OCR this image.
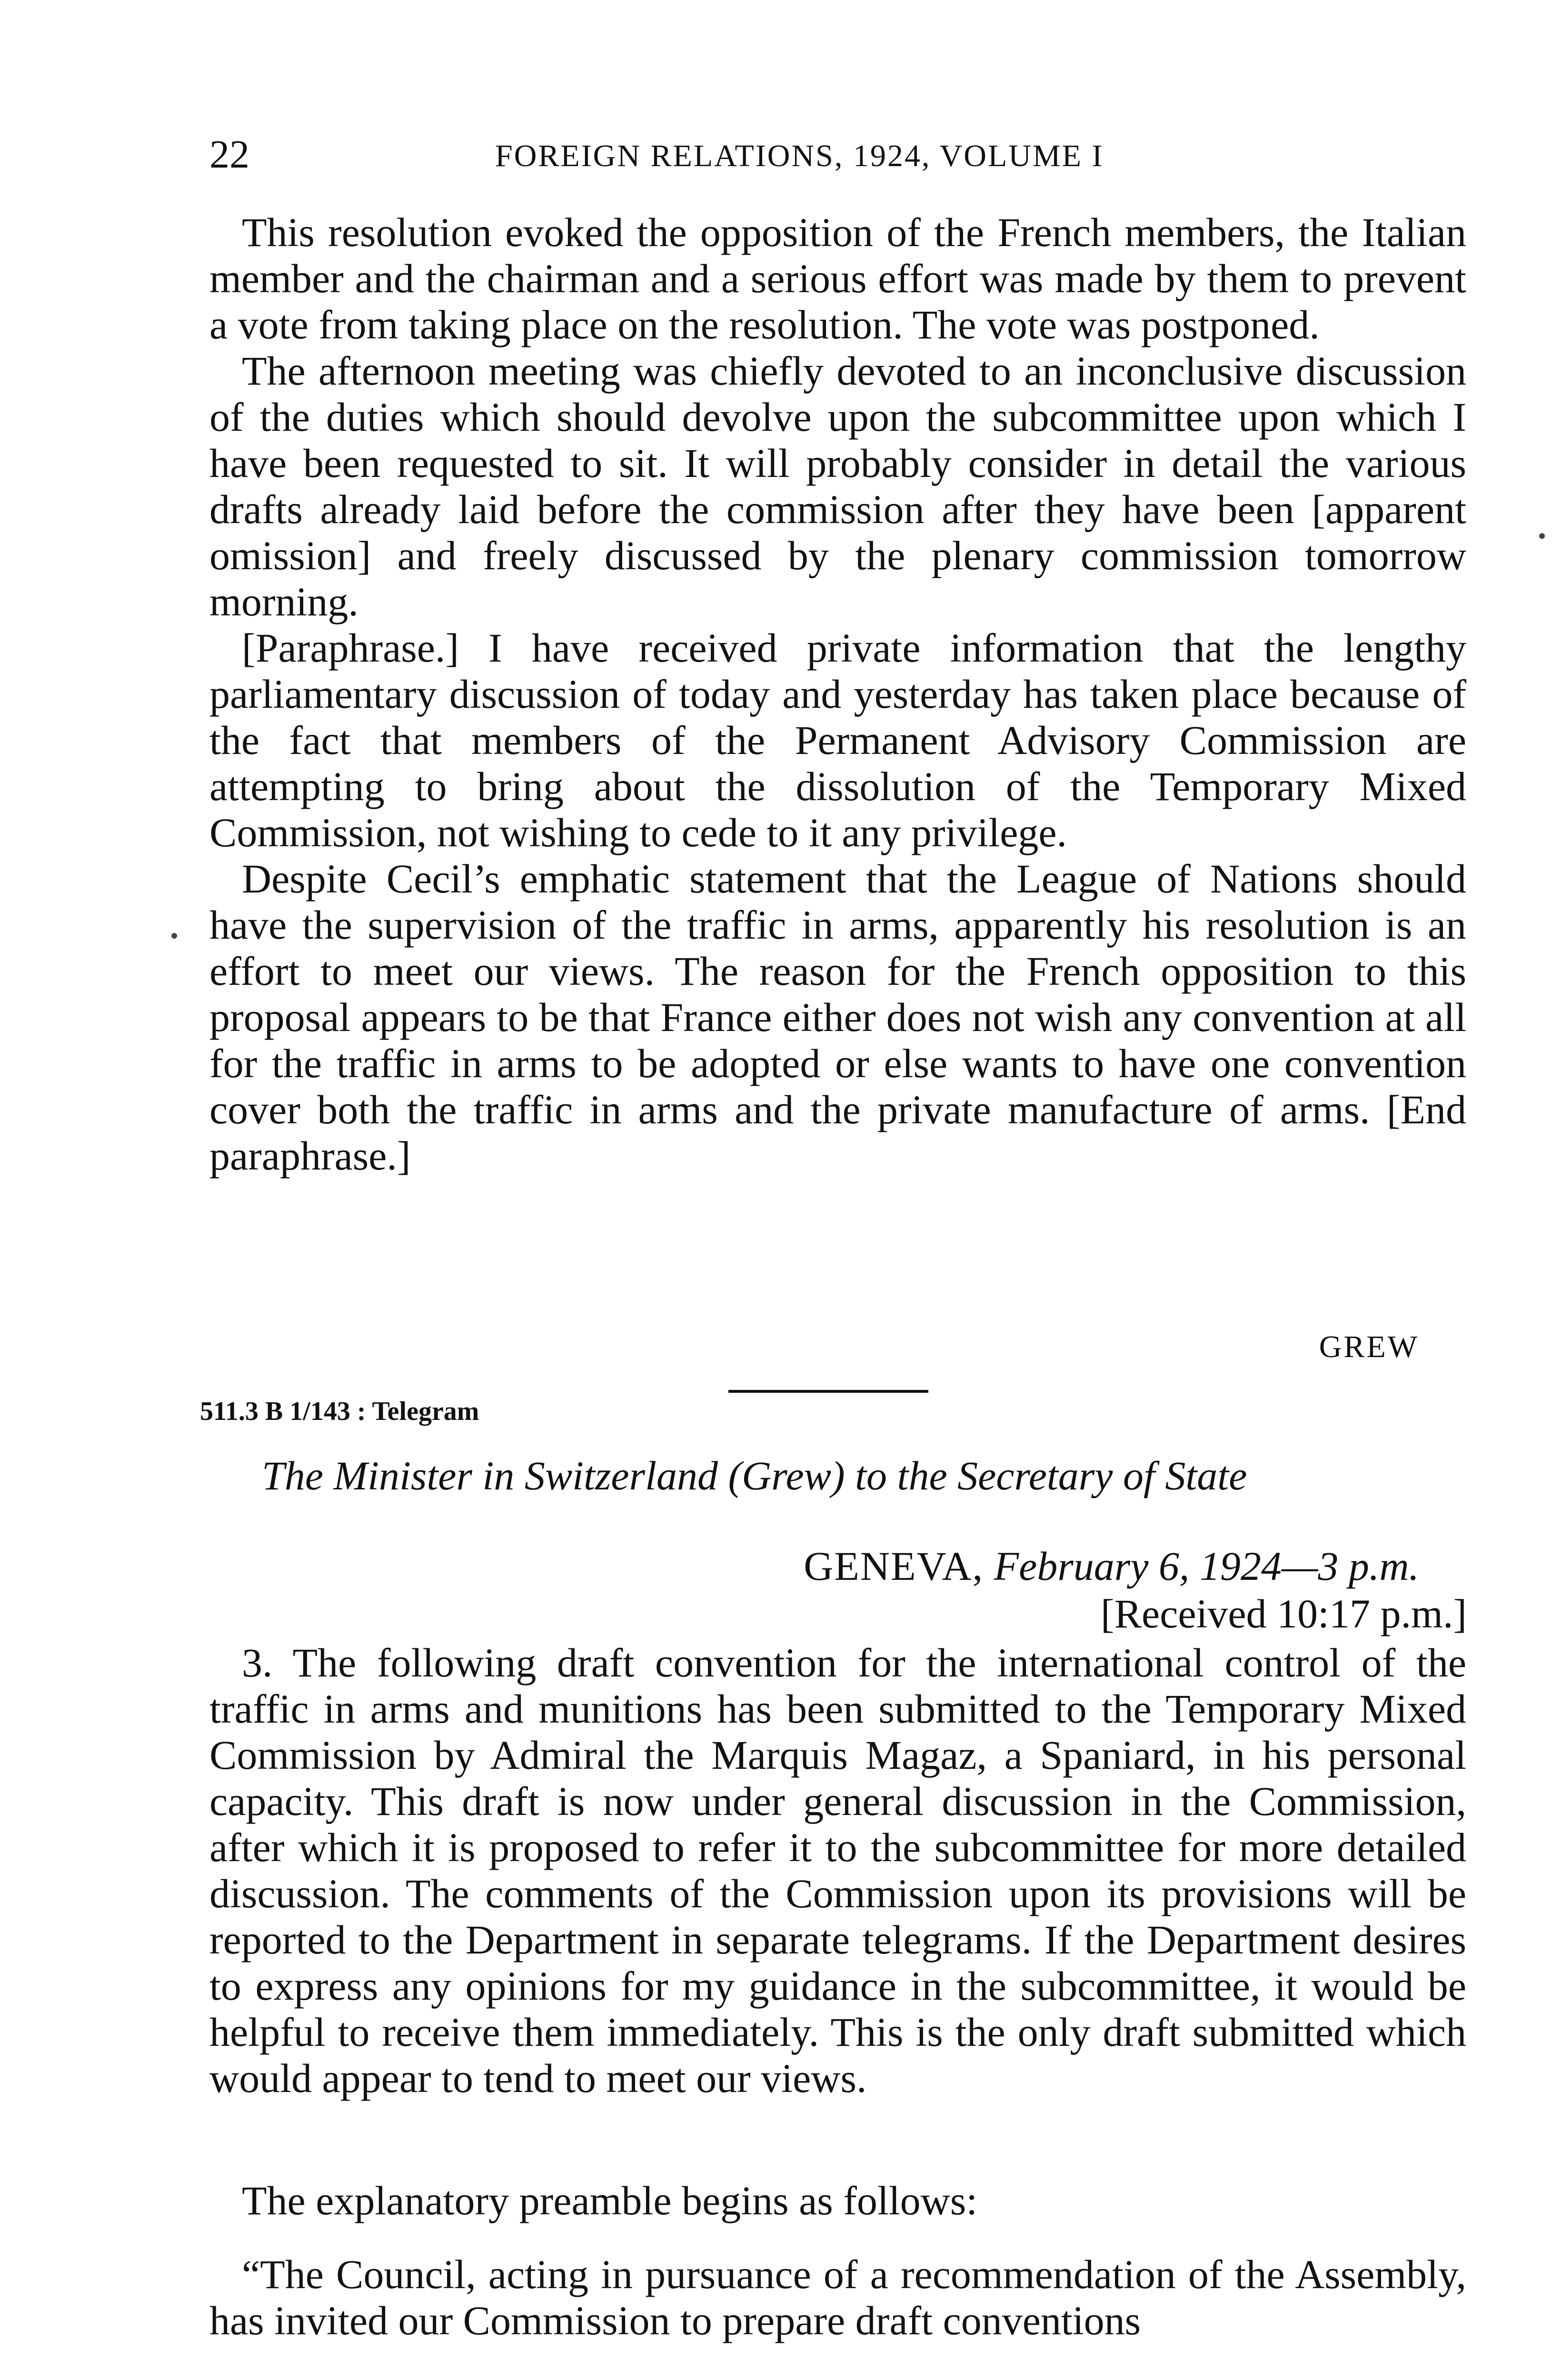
22	FOREIGN RELATIONS, 1924, VOLUME I

This resolution evoked the opposition of the French members, the Italian member and the chairman and a serious effort was made by them to prevent a vote from taking place on the resolution. The vote was postponed.

The afternoon meeting was chiefly devoted to an inconclusive discussion of the duties which should devolve upon the subcommittee upon which I have been requested to sit. It will probably consider in detail the various drafts already laid before the commission after they have been [apparent omission] and freely discussed by the plenary commission tomorrow morning.

[Paraphrase.] I have received private information that the lengthy parliamentary discussion of today and yesterday has taken place because of the fact that members of the Permanent Advisory Commission are attempting to bring about the dissolution of the Temporary Mixed Commission, not wishing to cede to it any privilege.

Despite Cecil’s emphatic statement that the League of Nations should have the supervision of the traffic in arms, apparently his resolution is an effort to meet our views. The reason for the French opposition to this proposal appears to be that France either does not wish any convention at all for the traffic in arms to be adopted or else wants to have one convention cover both the traffic in arms and the private manufacture of arms. [End paraphrase.]

GREW
511.3 B 1/143 : Telegram
The Minister in Switzerland (Grew) to the Secretary of State
GENEVA, February 6, 1924—3 p.m.
[Received 10:17 p.m.]

3. The following draft convention for the international control of the traffic in arms and munitions has been submitted to the Temporary Mixed Commission by Admiral the Marquis Magaz, a Spaniard, in his personal capacity. This draft is now under general discussion in the Commission, after which it is proposed to refer it to the subcommittee for more detailed discussion. The comments of the Commission upon its provisions will be reported to the Department in separate telegrams. If the Department desires to express any opinions for my guidance in the subcommittee, it would be helpful to receive them immediately. This is the only draft submitted which would appear to tend to meet our views.

The explanatory preamble begins as follows:

“The Council, acting in pursuance of a recommendation of the Assembly, has invited our Commission to prepare draft conventions
